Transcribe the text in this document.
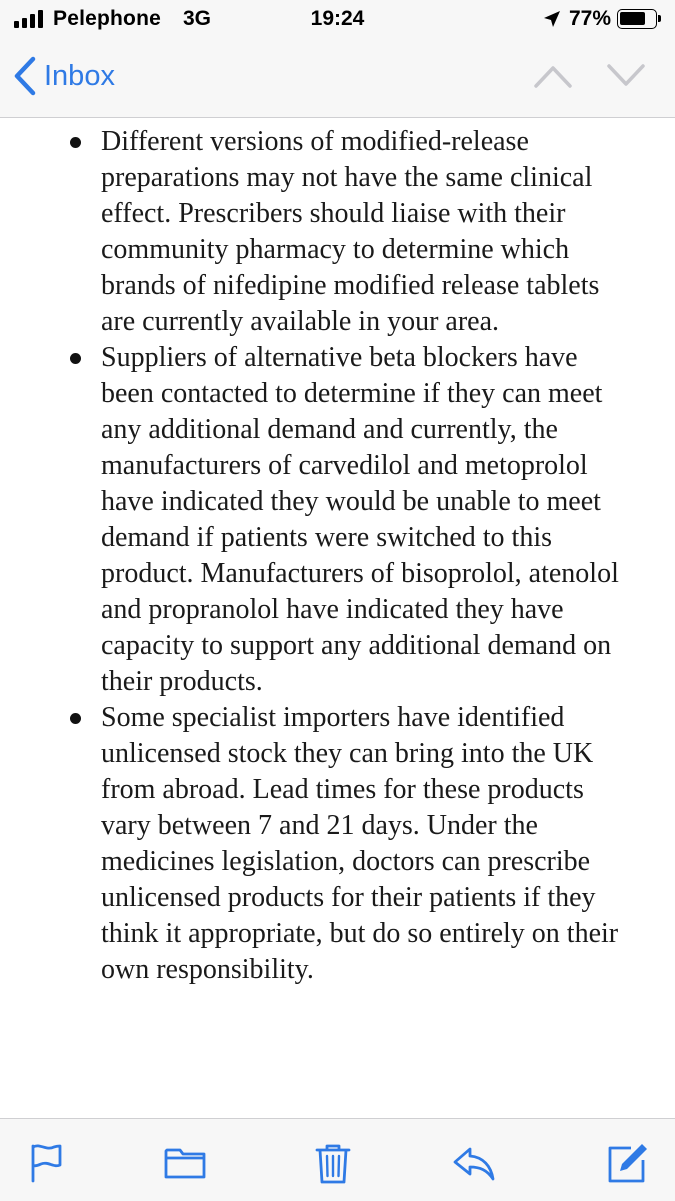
Pelephone 3G	19:24	77%
Inbox
Different versions of modified-release
preparations may not have the same clinical
effect. Prescribers should liaise with their
community pharmacy to determine which
brands of nifedipine modified release tablets
are currently available in your area.
Suppliers of alternative beta blockers have
been contacted to determine if they can meet
any additional demand and currently, the
manufacturers of carvedilol and metoprolol
have indicated they would be unable to meet
demand if patients were switched to this
product. Manufacturers of bisoprolol, atenolol
and propranolol have indicated they have
capacity to support any additional demand on
their products.
Some specialist importers have identified
unlicensed stock they can bring into the UK
from abroad. Lead times for these products
vary between 7 and 21 days. Under the
medicines legislation, doctors can prescribe
unlicensed products for their patients if they
think it appropriate, but do so entirely on their
own responsibility.
